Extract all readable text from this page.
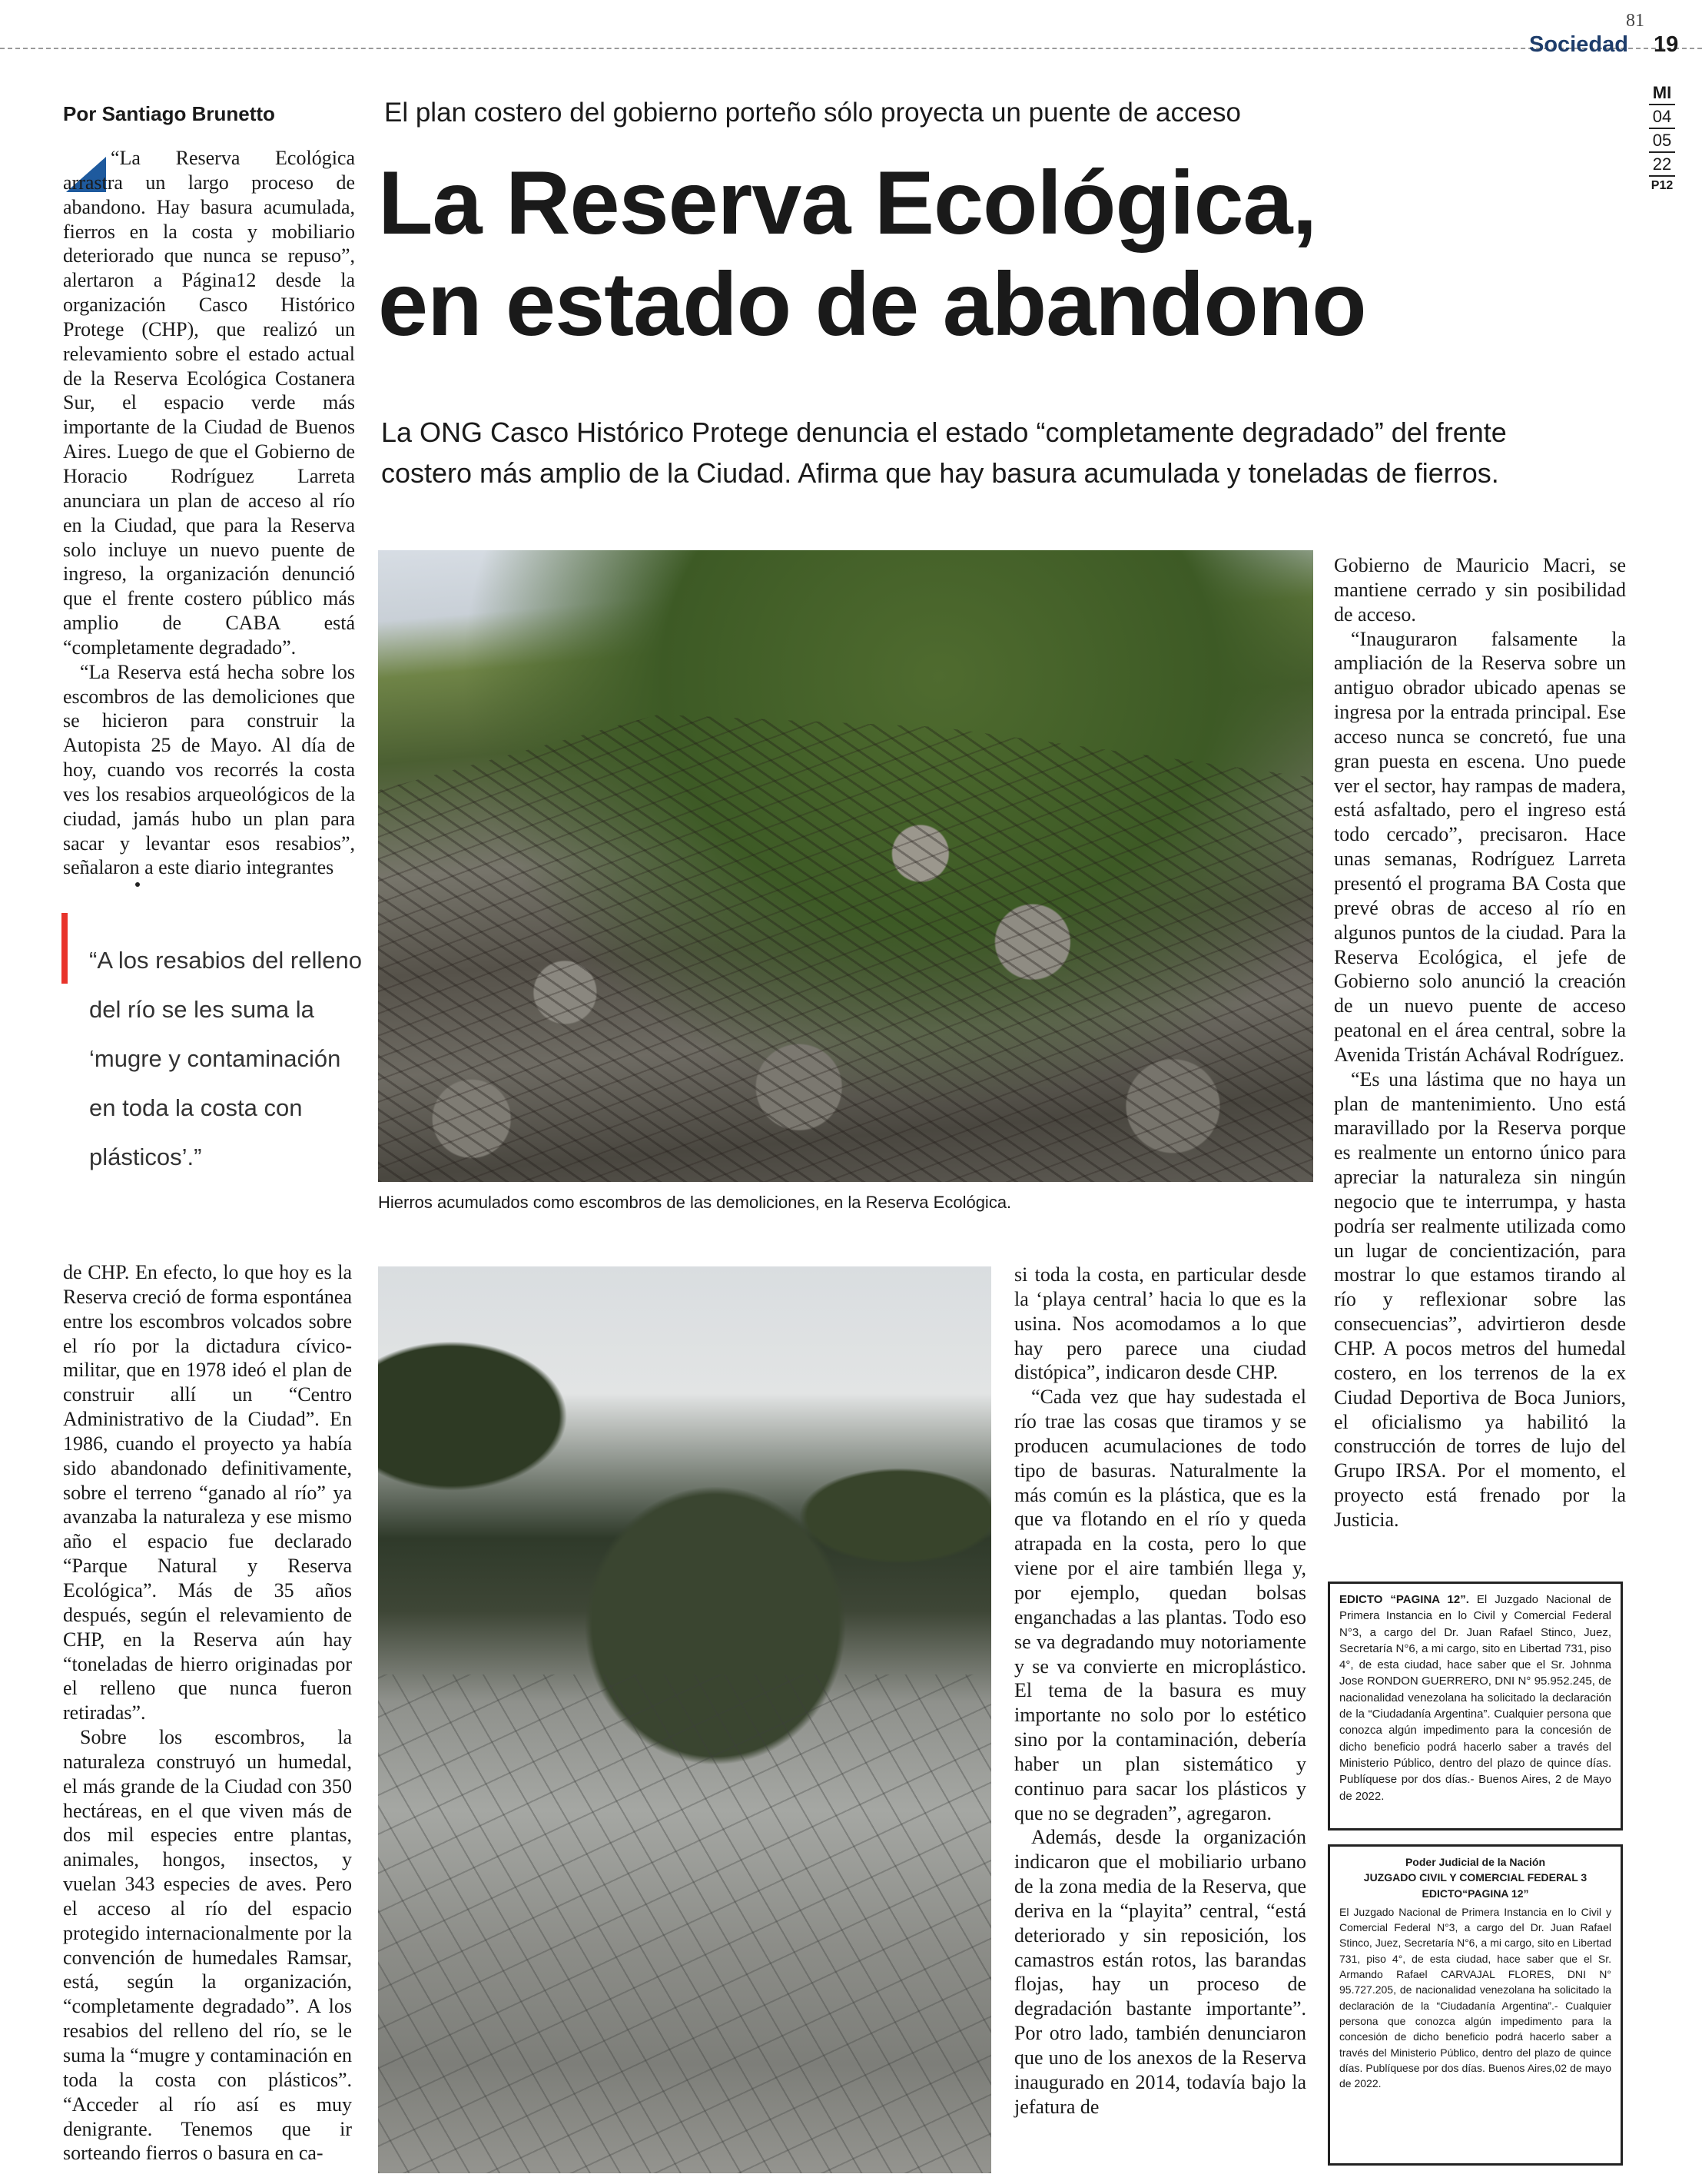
81
Sociedad 19
MI
04
05
22
P12
Por Santiago Brunetto	El plan costero del gobierno porteño sólo proyecta un puente de acceso
La Reserva Ecológica,
en estado de abandono
La ONG Casco Histórico Protege denuncia el estado “completamente degradado” del frente
costero más amplio de la Ciudad. Afirma que hay basura acumulada y toneladas de fierros.

“La Reserva Ecológica arrastra un largo proceso de abandono. Hay basura acumulada, fierros en la costa y mobiliario deteriorado que nunca se repuso”, alertaron a Página12 desde la organización Casco Histórico Protege (CHP), que realizó un relevamiento sobre el estado actual de la Reserva Ecológica Costanera Sur, el espacio verde más importante de la Ciudad de Buenos Aires. Luego de que el Gobierno de Horacio Rodríguez Larreta anunciara un plan de acceso al río en la Ciudad, que para la Reserva solo incluye un nuevo puente de ingreso, la organización denunció que el frente costero público más amplio de CABA está “completamente degradado”.

“La Reserva está hecha sobre los escombros de las demoliciones que se hicieron para construir la Autopista 25 de Mayo. Al día de hoy, cuando vos recorrés la costa ves los resabios arqueológicos de la ciudad, jamás hubo un plan para sacar y levantar esos resabios”, señalaron a este diario integrantes

“A los resabios del relleno del río se les suma la ‘mugre y contaminación en toda la costa con plásticos’.”

de CHP. En efecto, lo que hoy es la Reserva creció de forma espontánea entre los escombros volcados sobre el río por la dictadura cívico-militar, que en 1978 ideó el plan de construir allí un “Centro Administrativo de la Ciudad”. En 1986, cuando el proyecto ya había sido abandonado definitivamente, sobre el terreno “ganado al río” ya avanzaba la naturaleza y ese mismo año el espacio fue declarado “Parque Natural y Reserva Ecológica”. Más de 35 años después, según el relevamiento de CHP, en la Reserva aún hay “toneladas de hierro originadas por el relleno que nunca fueron retiradas”.

Sobre los escombros, la naturaleza construyó un humedal, el más grande de la Ciudad con 350 hectáreas, en el que viven más de dos mil especies entre plantas, animales, hongos, insectos, y vuelan 343 especies de aves. Pero el acceso al río del espacio protegido internacionalmente por la convención de humedales Ramsar, está, según la organización, “completamente degradado”. A los resabios del relleno del río, se le suma la “mugre y contaminación en toda la costa con plásticos”. “Acceder al río así es muy denigrante. Tenemos que ir sorteando fierros o basura en ca-

Hierros acumulados como escombros de las demoliciones, en la Reserva Ecológica.

si toda la costa, en particular desde la ‘playa central’ hacia lo que es la usina. Nos acomodamos a lo que hay pero parece una ciudad distópica”, indicaron desde CHP.

“Cada vez que hay sudestada el río trae las cosas que tiramos y se producen acumulaciones de todo tipo de basuras. Naturalmente la más común es la plástica, que es la que va flotando en el río y queda atrapada en la costa, pero lo que viene por el aire también llega y, por ejemplo, quedan bolsas enganchadas a las plantas. Todo eso se va degradando muy notoriamente y se va convierte en microplástico. El tema de la basura es muy importante no solo por lo estético sino por la contaminación, debería haber un plan sistemático y continuo para sacar los plásticos y que no se degraden”, agregaron.

Además, desde la organización indicaron que el mobiliario urbano de la zona media de la Reserva, que deriva en la “playita” central, “está deteriorado y sin reposición, los camastros están rotos, las barandas flojas, hay un proceso de degradación bastante importante”. Por otro lado, también denunciaron que uno de los anexos de la Reserva inaugurado en 2014, todavía bajo la jefatura de

Gobierno de Mauricio Macri, se mantiene cerrado y sin posibilidad de acceso.

“Inauguraron falsamente la ampliación de la Reserva sobre un antiguo obrador ubicado apenas se ingresa por la entrada principal. Ese acceso nunca se concretó, fue una gran puesta en escena. Uno puede ver el sector, hay rampas de madera, está asfaltado, pero el ingreso está todo cercado”, precisaron. Hace unas semanas, Rodríguez Larreta presentó el programa BA Costa que prevé obras de acceso al río en algunos puntos de la ciudad. Para la Reserva Ecológica, el jefe de Gobierno solo anunció la creación de un nuevo puente de acceso peatonal en el área central, sobre la Avenida Tristán Achával Rodríguez.

“Es una lástima que no haya un plan de mantenimiento. Uno está maravillado por la Reserva porque es realmente un entorno único para apreciar la naturaleza sin ningún negocio que te interrumpa, y hasta podría ser realmente utilizada como un lugar de concientización, para mostrar lo que estamos tirando al río y reflexionar sobre las consecuencias”, advirtieron desde CHP. A pocos metros del humedal costero, en los terrenos de la ex Ciudad Deportiva de Boca Juniors, el oficialismo ya habilitó la construcción de torres de lujo del Grupo IRSA. Por el momento, el proyecto está frenado por la Justicia.

EDICTO “PAGINA 12”. El Juzgado Nacional de Primera Instancia en lo Civil y Comercial Federal N°3, a cargo del Dr. Juan Rafael Stinco, Juez, Secretaría N°6, a mi cargo, sito en Libertad 731, piso 4°, de esta ciudad, hace saber que el Sr. Johnma Jose RONDON GUERRERO, DNI N° 95.952.245, de nacionalidad venezolana ha solicitado la declaración de la “Ciudadanía Argentina”. Cualquier persona que conozca algún impedimento para la concesión de dicho beneficio podrá hacerlo saber a través del Ministerio Público, dentro del plazo de quince días. Publíquese por dos días.- Buenos Aires, 2 de Mayo de 2022.
Poder Judicial de la Nación
JUZGADO CIVIL Y COMERCIAL FEDERAL 3
EDICTO“PAGINA 12”
El Juzgado Nacional de Primera Instancia en lo Civil y Comercial Federal N°3, a cargo del Dr. Juan Rafael Stinco, Juez, Secretaría N°6, a mi cargo, sito en Libertad 731, piso 4°, de esta ciudad, hace saber que el Sr. Armando Rafael CARVAJAL FLORES, DNI N° 95.727.205, de nacionalidad venezolana ha solicitado la declaración de la “Ciudadanía Argentina”.- Cualquier persona que conozca algún impedimento para la concesión de dicho beneficio podrá hacerlo saber a través del Ministerio Público, dentro del plazo de quince días. Publíquese por dos días. Buenos Aires,02 de mayo de 2022.
